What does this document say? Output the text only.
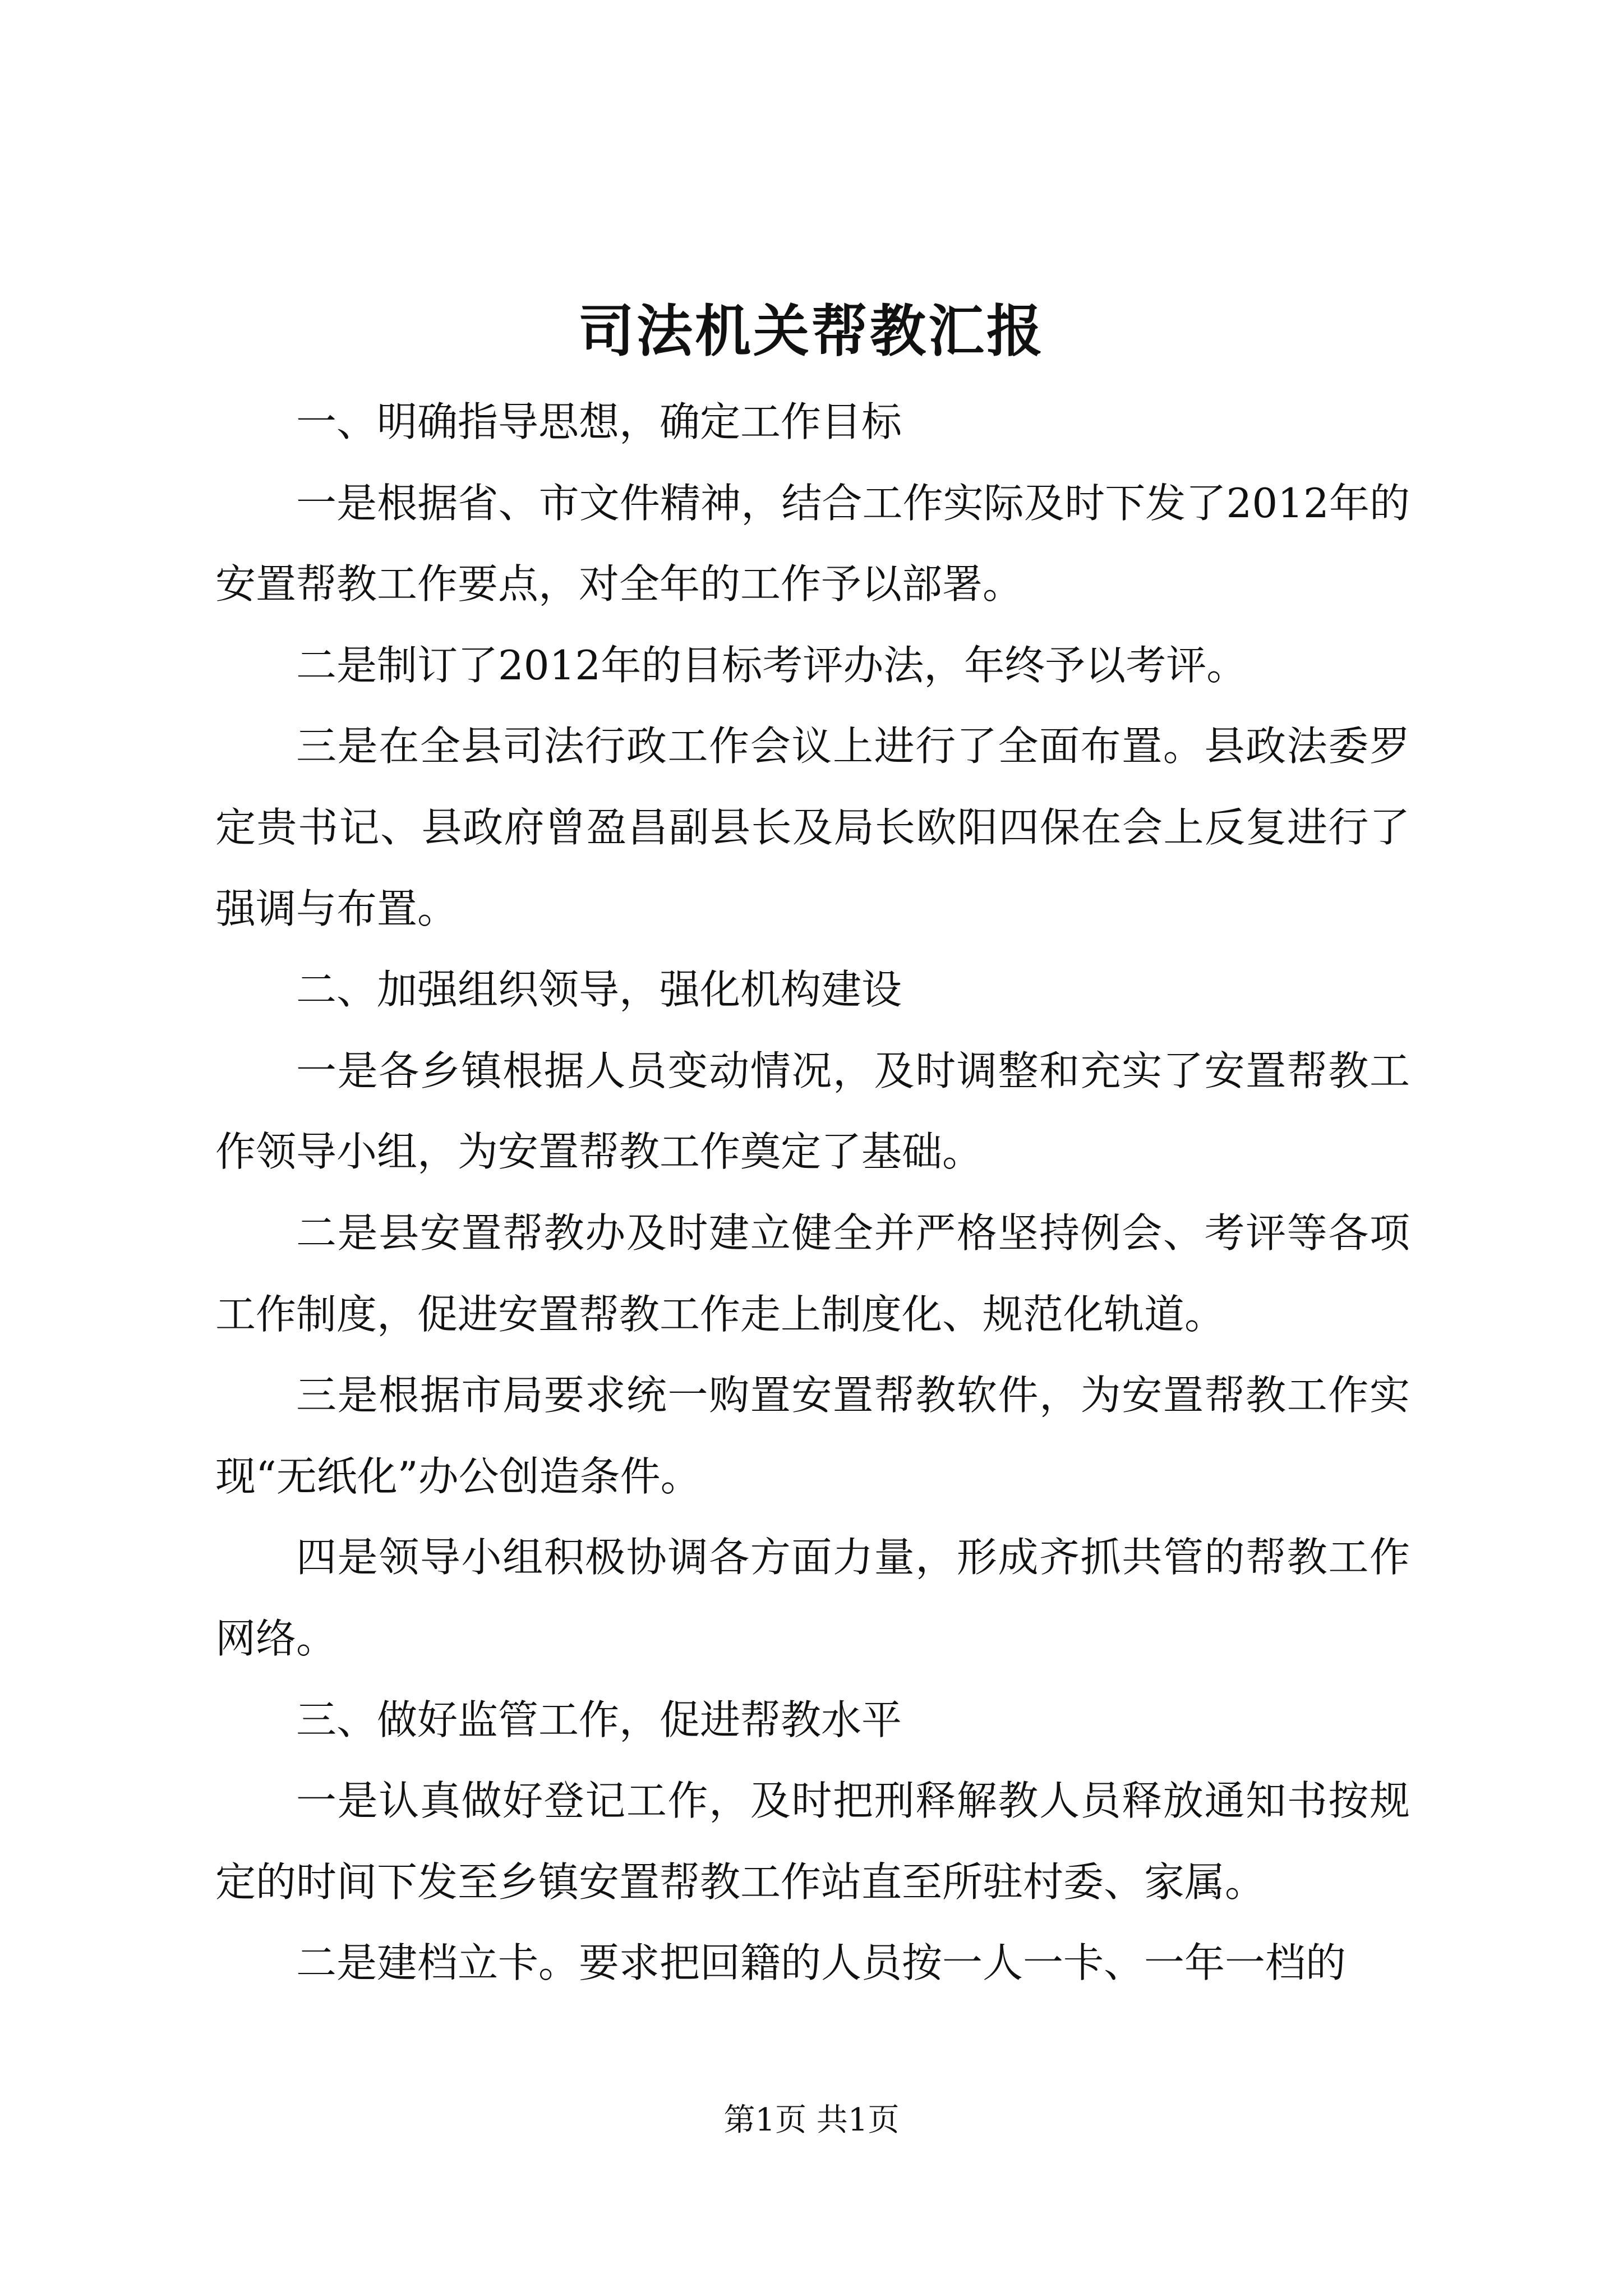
司法机关帮教汇报

一、明确指导思想，确定工作目标

一是根据省、市文件精神，结合工作实际及时下发了2012年的安置帮教工作要点，对全年的工作予以部署。

二是制订了2012年的目标考评办法，年终予以考评。

三是在全县司法行政工作会议上进行了全面布置。县政法委罗定贵书记、县政府曾盈昌副县长及局长欧阳四保在会上反复进行了强调与布置。

二、加强组织领导，强化机构建设

一是各乡镇根据人员变动情况，及时调整和充实了安置帮教工作领导小组，为安置帮教工作奠定了基础。

二是县安置帮教办及时建立健全并严格坚持例会、考评等各项工作制度，促进安置帮教工作走上制度化、规范化轨道。

三是根据市局要求统一购置安置帮教软件，为安置帮教工作实现“无纸化”办公创造条件。

四是领导小组积极协调各方面力量，形成齐抓共管的帮教工作网络。

三、做好监管工作，促进帮教水平

一是认真做好登记工作，及时把刑释解教人员释放通知书按规定的时间下发至乡镇安置帮教工作站直至所驻村委、家属。

二是建档立卡。要求把回籍的人员按一人一卡、一年一档的

第1页 共1页
